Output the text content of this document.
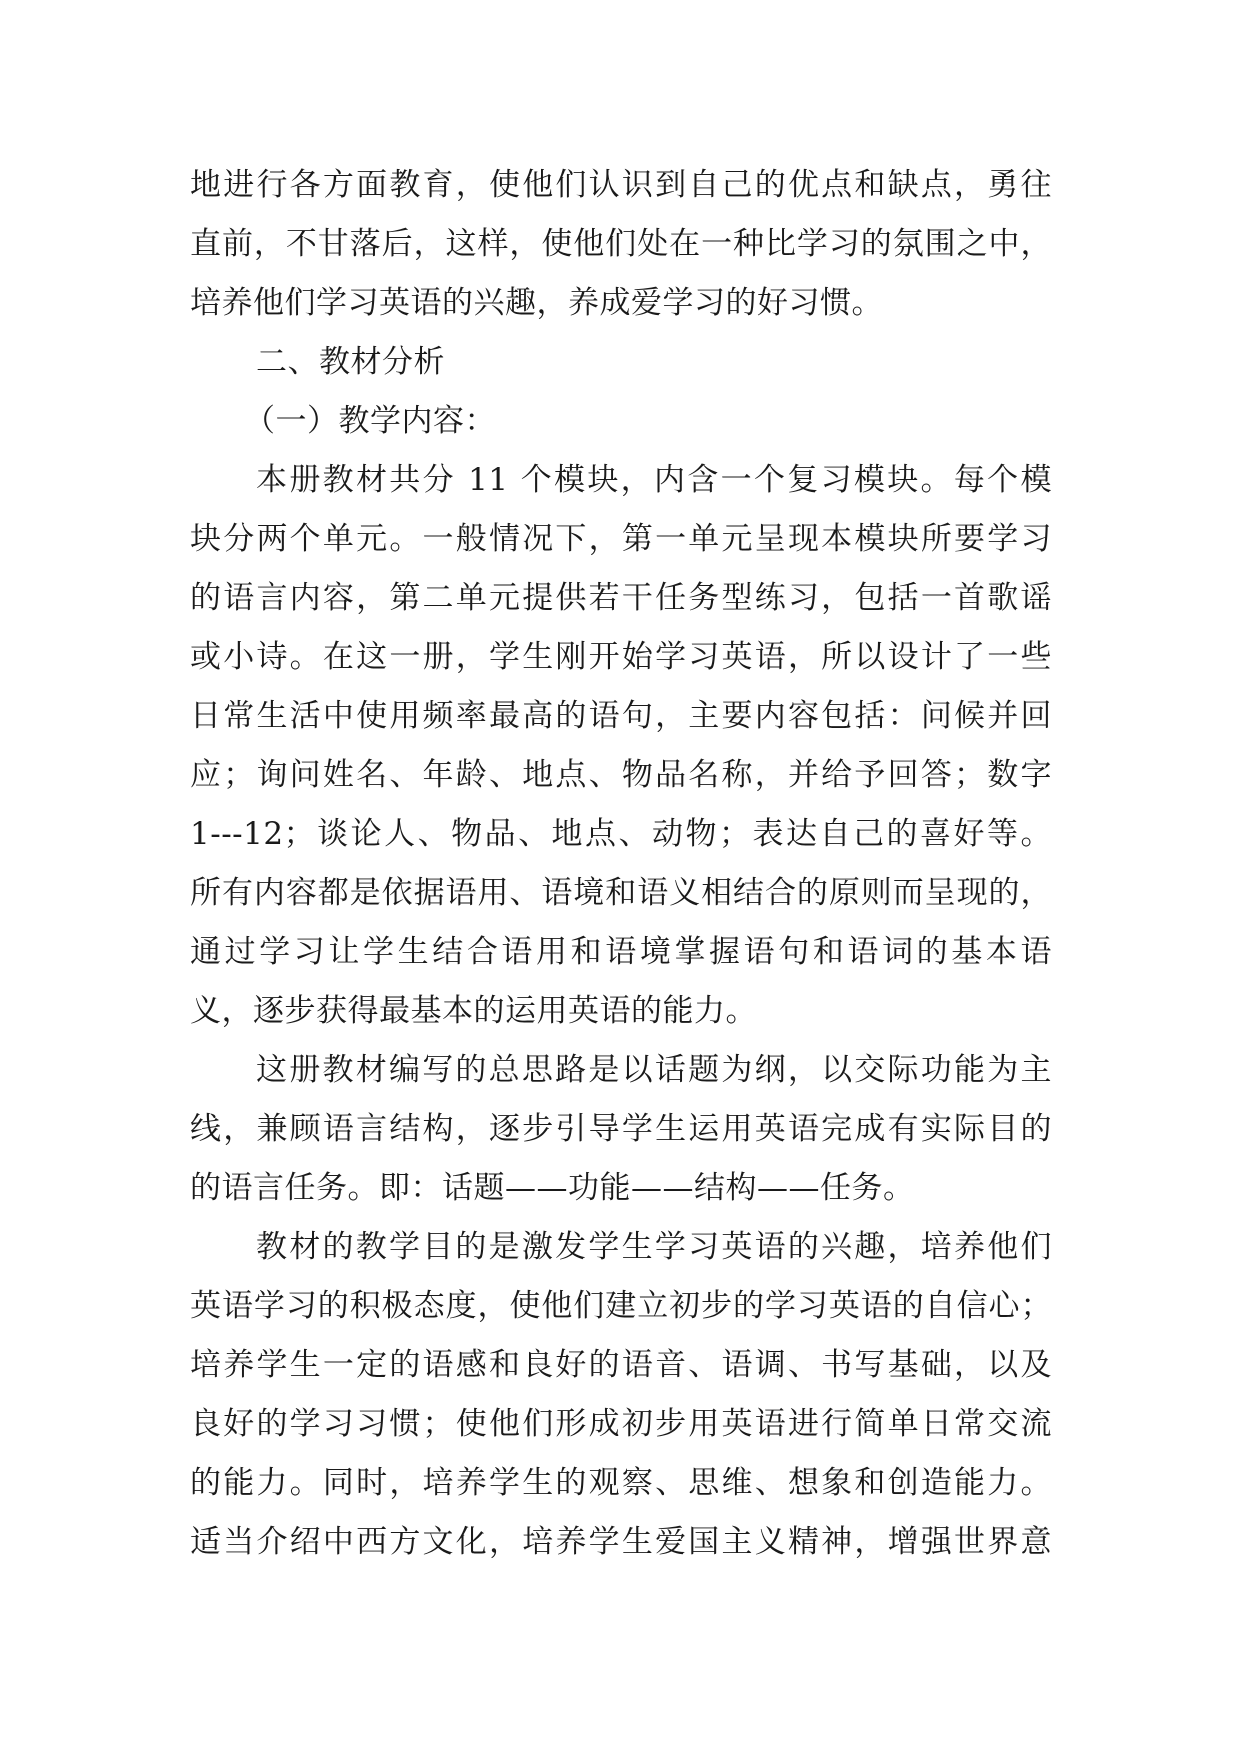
地进行各方面教育，使他们认识到自己的优点和缺点，勇往
直前，不甘落后，这样，使他们处在一种比学习的氛围之中，
培养他们学习英语的兴趣，养成爱学习的好习惯。
二、教材分析
（一）教学内容：
本册教材共分 11 个模块，内含一个复习模块。每个模
块分两个单元。一般情况下，第一单元呈现本模块所要学习
的语言内容，第二单元提供若干任务型练习，包括一首歌谣
或小诗。在这一册，学生刚开始学习英语，所以设计了一些
日常生活中使用频率最高的语句，主要内容包括：问候并回
应；询问姓名、年龄、地点、物品名称，并给予回答；数字
1---12；谈论人、物品、地点、动物；表达自己的喜好等。
所有内容都是依据语用、语境和语义相结合的原则而呈现的，
通过学习让学生结合语用和语境掌握语句和语词的基本语
义，逐步获得最基本的运用英语的能力。
这册教材编写的总思路是以话题为纲，以交际功能为主
线，兼顾语言结构，逐步引导学生运用英语完成有实际目的
的语言任务。即：话题——功能——结构——任务。
教材的教学目的是激发学生学习英语的兴趣，培养他们
英语学习的积极态度，使他们建立初步的学习英语的自信心；
培养学生一定的语感和良好的语音、语调、书写基础，以及
良好的学习习惯；使他们形成初步用英语进行简单日常交流
的能力。同时，培养学生的观察、思维、想象和创造能力。
适当介绍中西方文化，培养学生爱国主义精神，增强世界意
